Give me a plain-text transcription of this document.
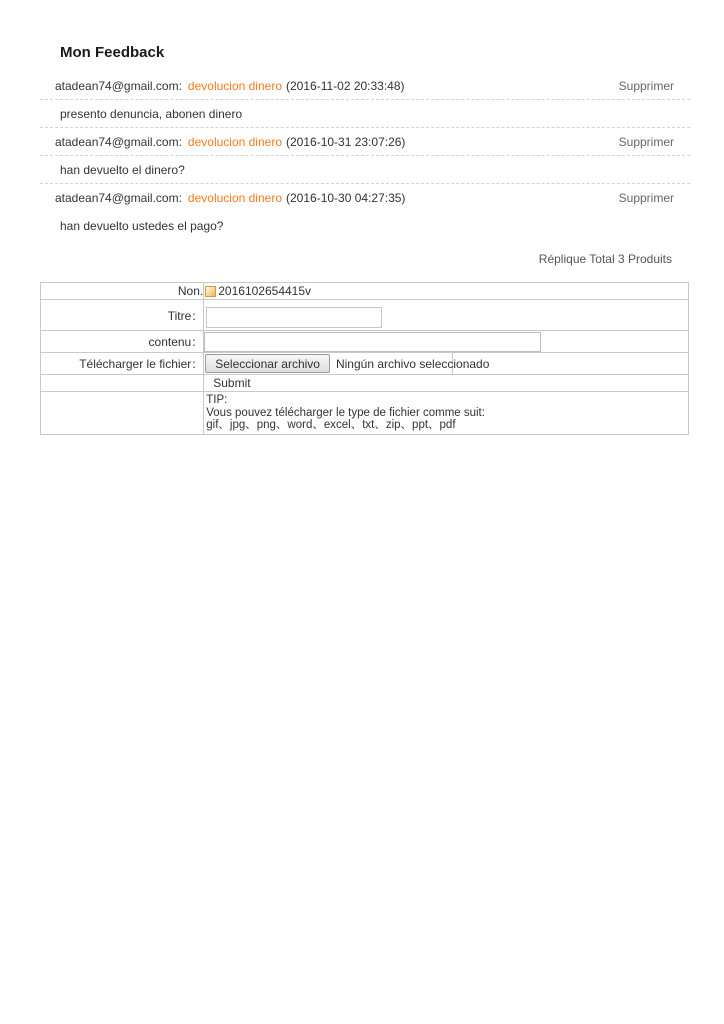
Mon Feedback
atadean74@gmail.com: devolucion dinero (2016-11-02 20:33:48)	Supprimer
presento denuncia, abonen dinero
atadean74@gmail.com: devolucion dinero (2016-10-31 23:07:26)	Supprimer
han devuelto el dinero?
atadean74@gmail.com: devolucion dinero (2016-10-30 04:27:35)	Supprimer
han devuelto ustedes el pago?
Réplique Total 3 Produits
Non.	2016102654415v

Titre：	

contenu：	

Télécharger le fichier：	Seleccionar archivo Ningún archivo seleccionado

	Submit

	TIP:
Vous pouvez télécharger le type de fichier comme suit:
gif、jpg、png、word、excel、txt、zip、ppt、pdf
